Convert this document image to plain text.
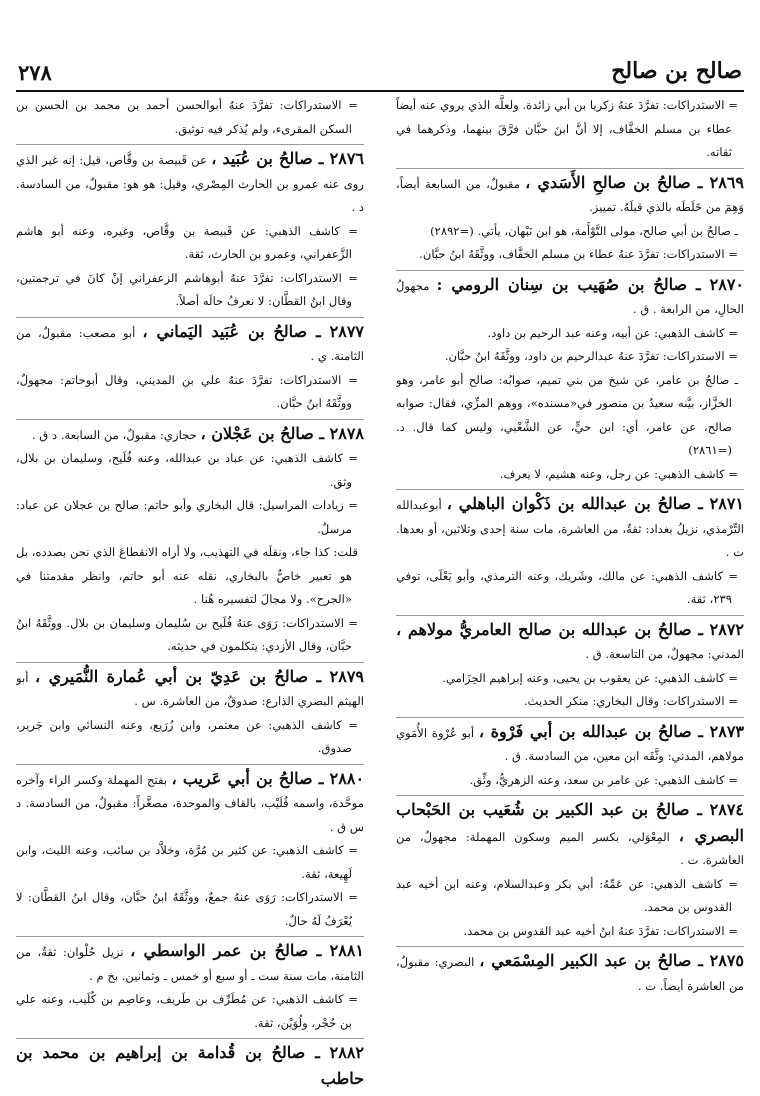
صالح بن صالح
٢٧٨

= الاستدراكات: تفرَّدَ عنهُ زكريا بن أبي زائدة. ولعلَّه الذي يروي عنه أيضاً عطاء بن مسلم الخفَّاف، إلا أنَّ ابنَ حبَّان فرَّقَ بينهما، وذكرهما في ثقاته.

٢٨٦٩ ـ صالحُ بن صالحِ الأَسَدي ، مقبولٌ، من السابعة أيضاً، وَهِمَ من خَلَطَه بالذي قبلَهُ. تمييز.

ـ صالحُ بن أبي صالح، مولى التَّوْأَمة، هو ابن نَبْهان، يأتي. (=٢٨٩٢)

= الاستدراكات: تفرَّدَ عنهُ عطاء بن مسلم الخفَّاف، ووثَّقَهُ ابنُ حبَّان.

٢٨٧٠ ـ صالحُ بن صُهَيب بن سِنان الرومي : مجهولُ الحالِ، من الرابعة . ق .

= كاشف الذهبي: عن أبيه، وعنه عبد الرحيم بن داود.

= الاستدراكات: تفرَّدَ عنهُ عبدالرحيم بن داود، ووثَّقَهُ ابنُ حبَّان.

ـ صالحُ بن عامر، عن شيخ من بني تميم، صوابُه: صالح أبو عامر، وهو الخزَّاز، بيَّنه سعيدُ بن منصور في«مسنده»، ووهم المزِّي، فقال: صوابه صالح، عن عامر، أي: ابن حيٍّ، عن الشَّعْبي، وليس كما قال. د. (=٢٨٦١)

= كاشف الذهبي: عن رجل، وعنه هشيم، لا يعرف.

٢٨٧١ ـ صالحُ بن عبدالله بن ذَكْوان الباهلي ، أبوعبدالله التِّرْمذي، نزيلُ بغداد: ثقةٌ، من العاشرة، مات سنة إحدى وثلاثين، أو بعدها. ت .

= كاشف الذهبي: عن مالك، وشَريك، وعنه الترمذي، وأبو يَعْلَى، توفي ٢٣٩، ثقة.

٢٨٧٢ ـ صالحُ بن عبدالله بن صالح العامريُّ مولاهم ، المدني: مجهولٌ، من التاسعة. ق .

= كاشف الذهبي: عن يعقوب بن يحيى، وعنه إبراهيم الحِزَامي.

= الاستدراكات: وقال البخاري: منكر الحديث.

٢٨٧٣ ـ صالحُ بن عبدالله بن أبي فَرْوة ، أبو عُرْوة الأُمَوي مولاهم، المدني: وثَّقَه ابن معين، من السادسة. ق .

= كاشف الذهبي: عن عامر بن سعد، وعنه الزهريُّ، وثِّق.

٢٨٧٤ ـ صالحُ بن عبد الكبير بن شُعَيب بن الحَبْحاب البصري ، المِعْوَلي، بكسر الميم وسكون المهملة: مجهولٌ، من العاشرة. ت .

= كاشف الذهبي: عن عَمِّهُ: أبي بكر وعبدالسلام، وعنه ابن أخيه عبد القدوس بن محمد.

= الاستدراكات: تفرَّدَ عنهُ ابنُ أخيه عبد القدوس بن محمد.

٢٨٧٥ ـ صالحُ بن عبد الكبير المِسْمَعي ، البصري: مقبولٌ، من العاشرة أيضاً. ت .

= الاستدراكات: تفرَّدَ عنهُ أبوالحسن أحمد بن محمد بن الحسن بن السكن المقرىء، ولم يُذكر فيه توثيق.

٢٨٧٦ ـ صالحُ بن عُبَيد ، عن قَبيصة بن وقَّاص، قيل: إنه غير الذي روى عنه عمرو بن الحارث المِصْري، وقيل: هو هو: مقبولٌ، من السادسة. د .

= كاشف الذهبي: عن قَبيصة بن وقَّاص، وغيره، وعنه أبو هاشم الزَّعفراني، وعمرو بن الحارث، ثقة.

= الاستدراكات: تفرَّدَ عنهُ أبوهاشم الزعفراني إنْ كانَ في ترجمتين، وقال ابنُ القطَّان: لا نعرفُ حالَه أصلاً.

٢٨٧٧ ـ صالحُ بن عُبَيد اليَماني ، أبو مصعب: مقبولٌ، من الثامنة. ي .

= الاستدراكات: تفرَّدَ عنهُ علي بن المديني، وقال أبوحاتم: مجهولٌ، ووثَّقَهُ ابنُ حبَّان.

٢٨٧٨ ـ صالحُ بن عَجْلان ، حجازي: مقبولٌ، من السابعة. د ق .

= كاشف الذهبي: عن عباد بن عبدالله، وعنه فُلَيح، وسليمان بن بلال، وثق.

= زيادات المراسيل: قال البخاري وأبو حاتم: صالح بن عجلان عن عباد: مرسلٌ.

قلت: كذا جاء، ونقلَه في التهذيب، ولا أراه الانقطاعَ الذي نحن بصدده، بل هو تعبير خاصٌّ بالبخاري، نقله عنه أبو حاتم، وانظر مقدمتنا في «الجرح». ولا مجالَ لتفسيره هُنا .

= الاستدراكات: رَوَى عنهُ فُلَيح بن سُليمان وسليمان بن بلال. ووثَّقَهُ ابنُ حبَّان، وقال الأزدي: يتكلمون في حديثه.

٢٨٧٩ ـ صالحُ بن عَدِيّ بن أبي عُمارة النُّمَيري ، أبو الهيثم البصري الذارع: صدوقٌ، من العاشرة. س .

= كاشف الذهبي: عن معتمر، وابن زُرَيع، وعنه النسائي وابن جَرير، صدوق.

٢٨٨٠ ـ صالحُ بن أبي عَريب ، بفتح المهملة وكسر الراء وآخره موحَّدة، واسمه قُلَيْب، بالقاف والموحدة، مصغَّراً: مقبولٌ، من السادسة. د س ق .

= كاشف الذهبي: عن كثير بن مُرَّة، وخلاَّد بن سائب، وعنه الليث، وابن لَهِيعة، ثقة.

= الاستدراكات: رَوَى عنهُ جمعٌ، ووثَّقَهُ ابنُ حبَّان، وقال ابنُ القطَّان: لا يُعْرَفُ لَهُ حالٌ.

٢٨٨١ ـ صالحُ بن عمر الواسطي ، نزيل حُلْوان: ثقةٌ، من الثامنة، مات سنة ست ـ أو سبع أو خمس ـ وثمانين. بخ م .

= كاشف الذهبي: عن مُطَرِّف بن طَريف، وعاصِم بن كُلَيب، وعنه علي بن حُجْر، ولُوَيْن، ثقة.

٢٨٨٢ ـ صالحُ بن قُدامة بن إبراهيم بن محمد بن حاطب
